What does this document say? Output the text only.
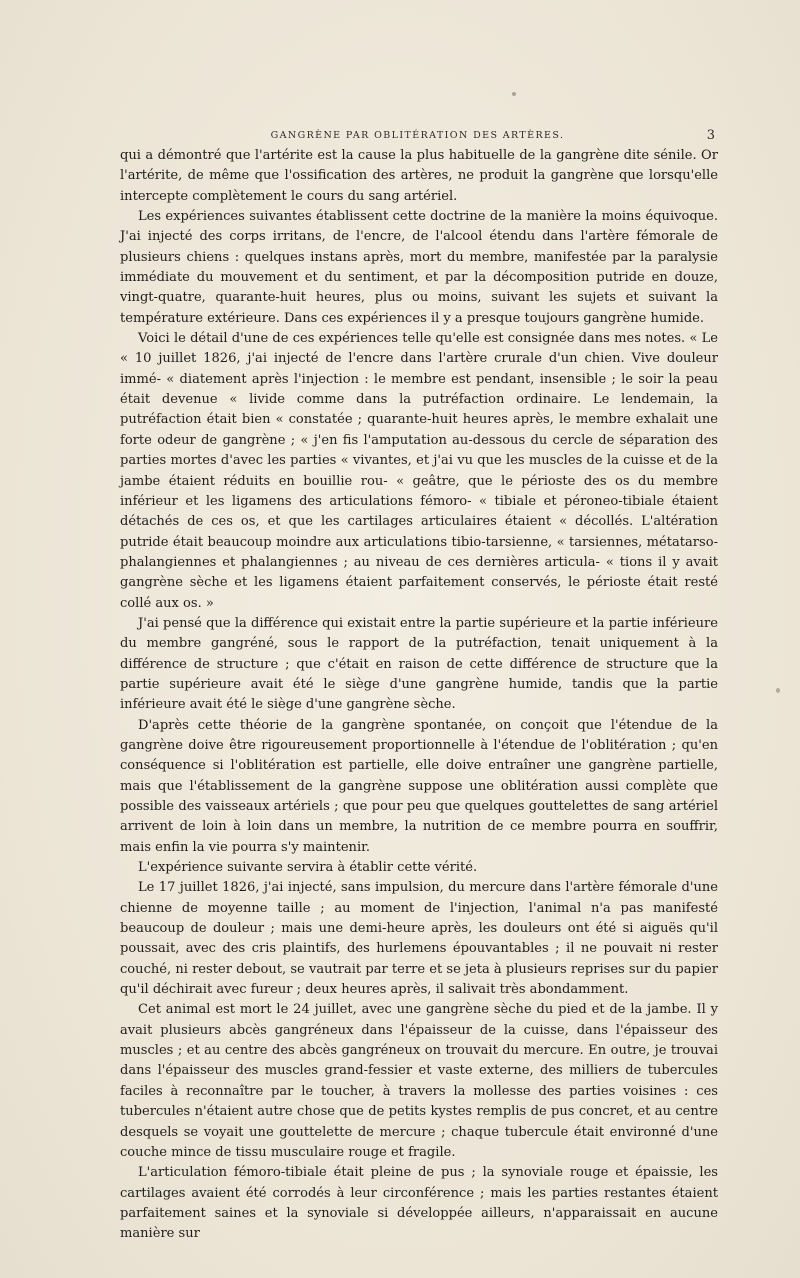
GANGRÈNE PAR OBLITÉRATION DES ARTÈRES.	3

qui a démontré que l'artérite est la cause la plus habituelle de la gangrène dite sénile. Or l'artérite, de même que l'ossification des artères, ne produit la gangrène que lorsqu'elle intercepte complètement le cours du sang artériel.

Les expériences suivantes établissent cette doctrine de la manière la moins équivoque. J'ai injecté des corps irritans, de l'encre, de l'alcool étendu dans l'artère fémorale de plusieurs chiens : quelques instans après, mort du membre, manifestée par la paralysie immédiate du mouvement et du sentiment, et par la décomposition putride en douze, vingt-quatre, quarante-huit heures, plus ou moins, suivant les sujets et suivant la température extérieure. Dans ces expériences il y a presque toujours gangrène humide.

Voici le détail d'une de ces expériences telle qu'elle est consignée dans mes notes. « Le « 10 juillet 1826, j'ai injecté de l'encre dans l'artère crurale d'un chien. Vive douleur immé- « diatement après l'injection : le membre est pendant, insensible ; le soir la peau était devenue « livide comme dans la putréfaction ordinaire. Le lendemain, la putréfaction était bien « constatée ; quarante-huit heures après, le membre exhalait une forte odeur de gangrène ; « j'en fis l'amputation au-dessous du cercle de séparation des parties mortes d'avec les parties « vivantes, et j'ai vu que les muscles de la cuisse et de la jambe étaient réduits en bouillie rou- « geâtre, que le périoste des os du membre inférieur et les ligamens des articulations fémoro- « tibiale et péroneo-tibiale étaient détachés de ces os, et que les cartilages articulaires étaient « décollés. L'altération putride était beaucoup moindre aux articulations tibio-tarsienne, « tarsiennes, métatarso-phalangiennes et phalangiennes ; au niveau de ces dernières articula- « tions il y avait gangrène sèche et les ligamens étaient parfaitement conservés, le périoste était resté collé aux os. »

J'ai pensé que la différence qui existait entre la partie supérieure et la partie inférieure du membre gangréné, sous le rapport de la putréfaction, tenait uniquement à la différence de structure ; que c'était en raison de cette différence de structure que la partie supérieure avait été le siège d'une gangrène humide, tandis que la partie inférieure avait été le siège d'une gangrène sèche.

D'après cette théorie de la gangrène spontanée, on conçoit que l'étendue de la gangrène doive être rigoureusement proportionnelle à l'étendue de l'oblitération ; qu'en conséquence si l'oblitération est partielle, elle doive entraîner une gangrène partielle, mais que l'établissement de la gangrène suppose une oblitération aussi complète que possible des vaisseaux artériels ; que pour peu que quelques gouttelettes de sang artériel arrivent de loin à loin dans un membre, la nutrition de ce membre pourra en souffrir, mais enfin la vie pourra s'y maintenir.

L'expérience suivante servira à établir cette vérité.

Le 17 juillet 1826, j'ai injecté, sans impulsion, du mercure dans l'artère fémorale d'une chienne de moyenne taille ; au moment de l'injection, l'animal n'a pas manifesté beaucoup de douleur ; mais une demi-heure après, les douleurs ont été si aiguës qu'il poussait, avec des cris plaintifs, des hurlemens épouvantables ; il ne pouvait ni rester couché, ni rester debout, se vautrait par terre et se jeta à plusieurs reprises sur du papier qu'il déchirait avec fureur ; deux heures après, il salivait très abondamment.

Cet animal est mort le 24 juillet, avec une gangrène sèche du pied et de la jambe. Il y avait plusieurs abcès gangréneux dans l'épaisseur de la cuisse, dans l'épaisseur des muscles ; et au centre des abcès gangréneux on trouvait du mercure. En outre, je trouvai dans l'épaisseur des muscles grand-fessier et vaste externe, des milliers de tubercules faciles à reconnaître par le toucher, à travers la mollesse des parties voisines : ces tubercules n'étaient autre chose que de petits kystes remplis de pus concret, et au centre desquels se voyait une gouttelette de mercure ; chaque tubercule était environné d'une couche mince de tissu musculaire rouge et fragile.

L'articulation fémoro-tibiale était pleine de pus ; la synoviale rouge et épaissie, les cartilages avaient été corrodés à leur circonférence ; mais les parties restantes étaient parfaitement saines et la synoviale si développée ailleurs, n'apparaissait en aucune manière sur
